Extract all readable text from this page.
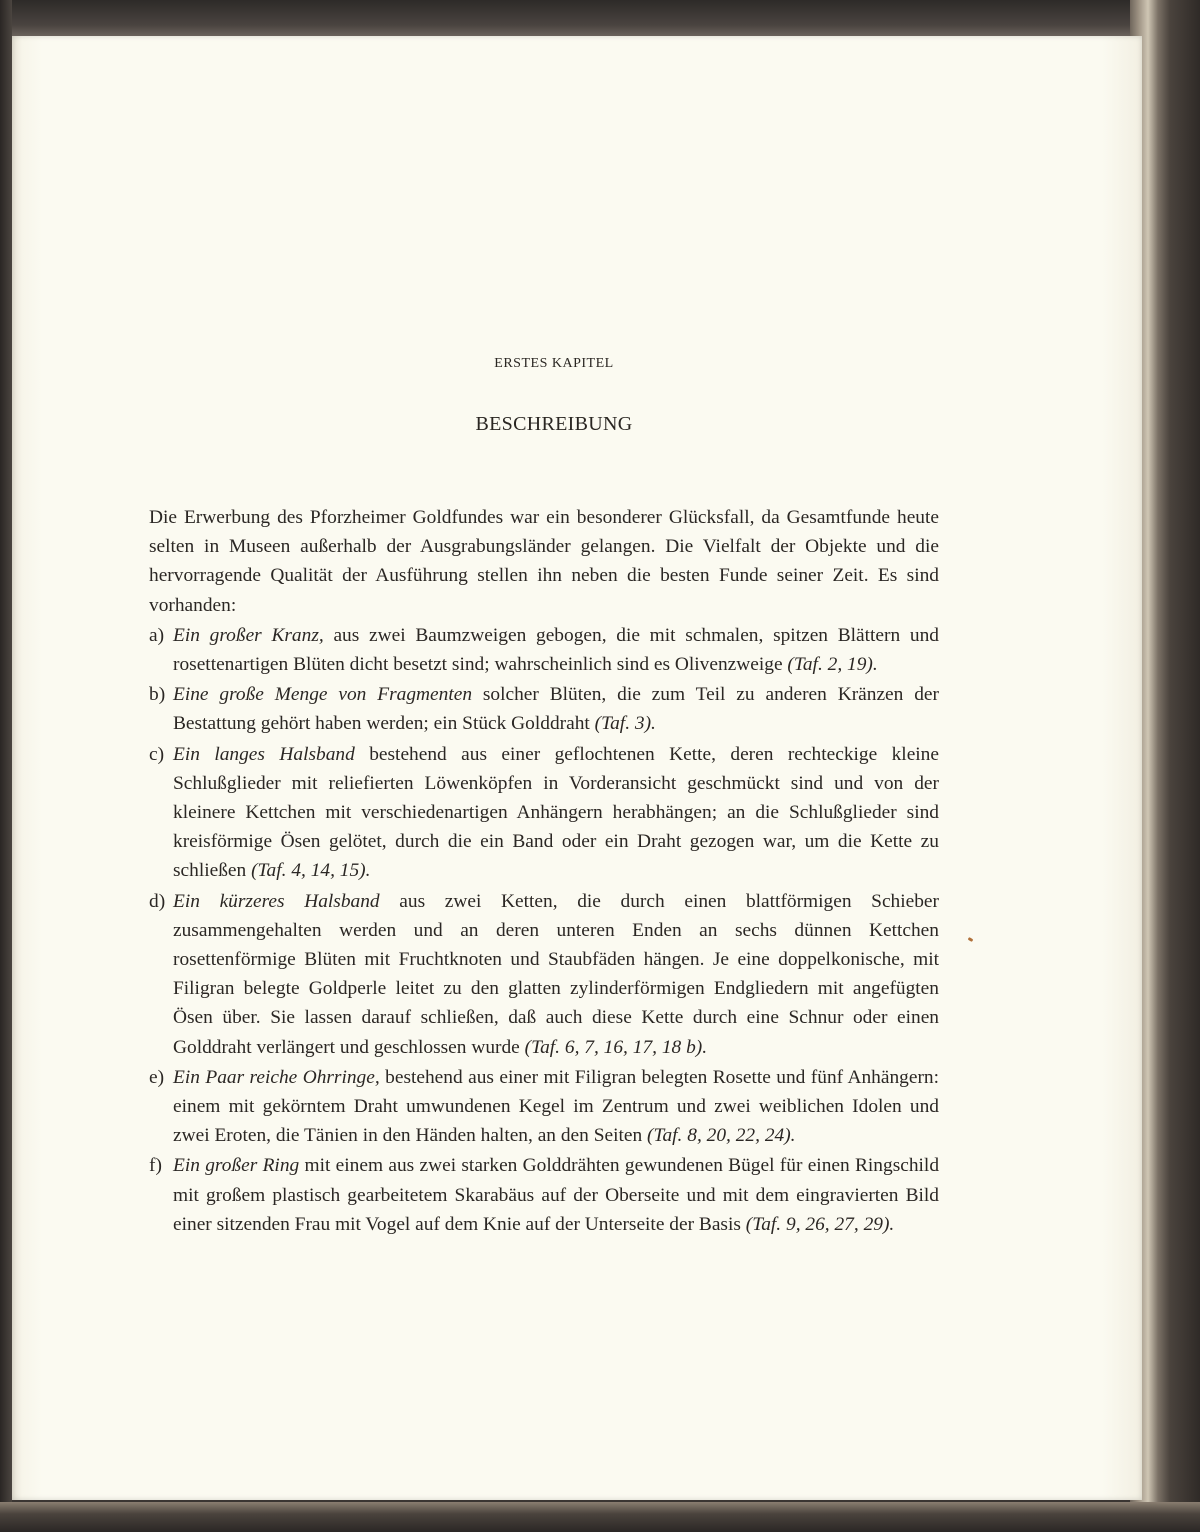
ERSTES KAPITEL
BESCHREIBUNG

Die Erwerbung des Pforzheimer Goldfundes war ein besonderer Glücksfall, da Gesamtfunde heute selten in Museen außerhalb der Ausgrabungsländer gelangen. Die Vielfalt der Objekte und die hervorragende Qualität der Ausführung stellen ihn neben die besten Funde seiner Zeit. Es sind vorhanden:

a) Ein großer Kranz, aus zwei Baumzweigen gebogen, die mit schmalen, spitzen Blättern und rosettenartigen Blüten dicht besetzt sind; wahrscheinlich sind es Olivenzweige (Taf. 2, 19).
b) Eine große Menge von Fragmenten solcher Blüten, die zum Teil zu anderen Kränzen der Bestattung gehört haben werden; ein Stück Golddraht (Taf. 3).
c) Ein langes Halsband bestehend aus einer geflochtenen Kette, deren rechteckige kleine Schlußglieder mit reliefierten Löwenköpfen in Vorderansicht geschmückt sind und von der kleinere Kettchen mit verschiedenartigen Anhängern herabhängen; an die Schlußglieder sind kreisförmige Ösen gelötet, durch die ein Band oder ein Draht gezogen war, um die Kette zu schließen (Taf. 4, 14, 15).
d) Ein kürzeres Halsband aus zwei Ketten, die durch einen blattförmigen Schieber zusammengehalten werden und an deren unteren Enden an sechs dünnen Kettchen rosettenförmige Blüten mit Fruchtknoten und Staubfäden hängen. Je eine doppelkonische, mit Filigran belegte Goldperle leitet zu den glatten zylinderförmigen Endgliedern mit angefügten Ösen über. Sie lassen darauf schließen, daß auch diese Kette durch eine Schnur oder einen Golddraht verlängert und geschlossen wurde (Taf. 6, 7, 16, 17, 18 b).
e) Ein Paar reiche Ohrringe, bestehend aus einer mit Filigran belegten Rosette und fünf Anhängern: einem mit gekörntem Draht umwundenen Kegel im Zentrum und zwei weiblichen Idolen und zwei Eroten, die Tänien in den Händen halten, an den Seiten (Taf. 8, 20, 22, 24).
f) Ein großer Ring mit einem aus zwei starken Golddrähten gewundenen Bügel für einen Ringschild mit großem plastisch gearbeitetem Skarabäus auf der Oberseite und mit dem eingravierten Bild einer sitzenden Frau mit Vogel auf dem Knie auf der Unterseite der Basis (Taf. 9, 26, 27, 29).
